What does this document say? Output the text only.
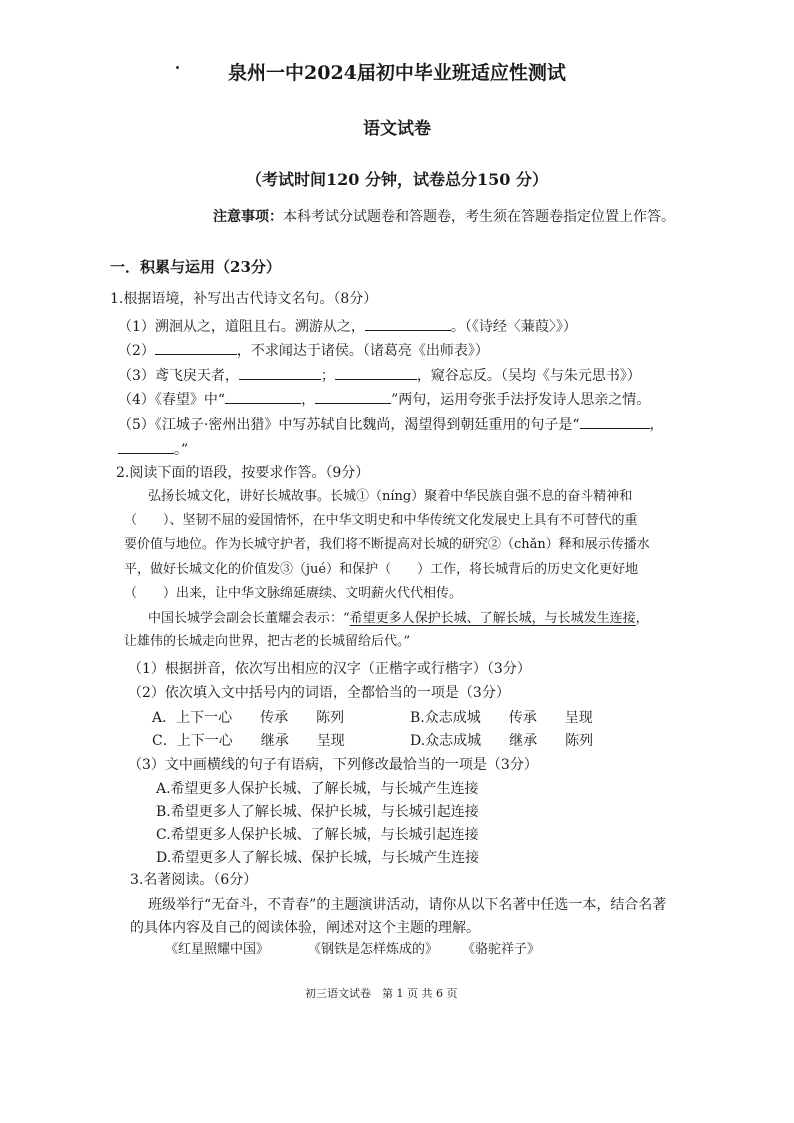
泉州一中2024届初中毕业班适应性测试
语文试卷
（考试时间120 分钟，试卷总分150 分）
注意事项：本科考试分试题卷和答题卷，考生须在答题卷指定位置上作答。
一．积累与运用（23分）
1.根据语境，补写出古代诗文名句。（8分）
（1）溯洄从之，道阻且右。溯游从之，	。（《诗经〈蒹葭〉》）
（2）	，不求闻达于诸侯。（诸葛亮《出师表》）
（3）鸢飞戾天者，	；	，窥谷忘反。（吴均《与朱元思书》）
（4）《春望》中“	，	”两句，运用夸张手法抒发诗人思亲之情。
（5）《江城子·密州出猎》中写苏轼自比魏尚，渴望得到朝廷重用的句子是“	，
。”
2.阅读下面的语段，按要求作答。（9分）
弘扬长城文化，讲好长城故事。长城①（níng）聚着中华民族自强不息的奋斗精神和
（　　）、坚韧不屈的爱国情怀，在中华文明史和中华传统文化发展史上具有不可替代的重
要价值与地位。作为长城守护者，我们将不断提高对长城的研究②（chǎn）释和展示传播水
平，做好长城文化的价值发③（jué）和保护（　　）工作，将长城背后的历史文化更好地
（　　）出来，让中华文脉绵延赓续、文明薪火代代相传。
中国长城学会副会长董耀会表示：“希望更多人保护长城、了解长城，与长城发生连接，
让雄伟的长城走向世界，把古老的长城留给后代。”
（1）根据拼音，依次写出相应的汉字（正楷字或行楷字）（3分）
（2）依次填入文中括号内的词语，全都恰当的一项是（3分）
A．上下一心　　传承　　陈列	B.众志成城　　传承　　呈现
C．上下一心　　继承　　呈现	D.众志成城　　继承　　陈列
（3）文中画横线的句子有语病，下列修改最恰当的一项是（3分）
A.希望更多人保护长城、了解长城，与长城产生连接
B.希望更多人了解长城、保护长城，与长城引起连接
C.希望更多人保护长城、了解长城，与长城引起连接
D.希望更多人了解长城、保护长城，与长城产生连接
3.名著阅读。（6分）
班级举行“无奋斗，不青春”的主题演讲活动，请你从以下名著中任选一本，结合名著
的具体内容及自己的阅读体验，阐述对这个主题的理解。
《红星照耀中国》	《钢铁是怎样炼成的》 《骆驼祥子》
初三语文试卷　第 1 页 共 6 页
